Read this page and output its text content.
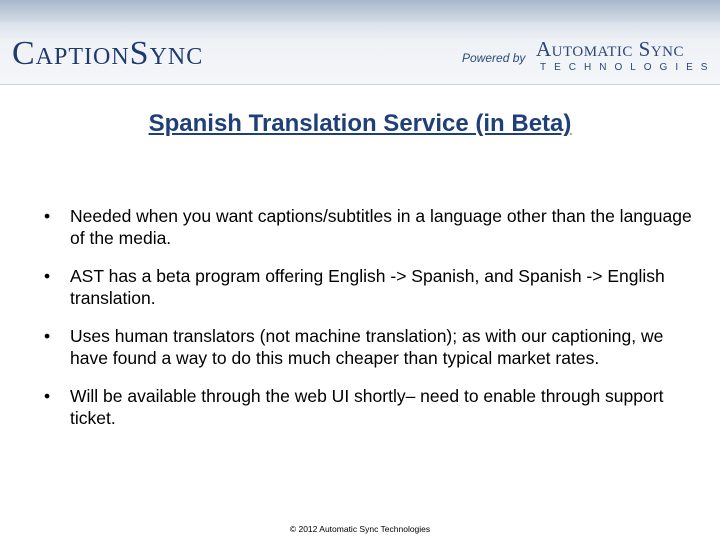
CaptionSync	Powered by Automatic Sync
TECHNOLOGIES
Spanish Translation Service (in Beta)
• Needed when you want captions/subtitles in a language other than the language of the media.
• AST has a beta program offering English -> Spanish, and Spanish -> English translation.
• Uses human translators (not machine translation); as with our captioning, we have found a way to do this much cheaper than typical market rates.
• Will be available through the web UI shortly– need to enable through support ticket.
© 2012 Automatic Sync Technologies
